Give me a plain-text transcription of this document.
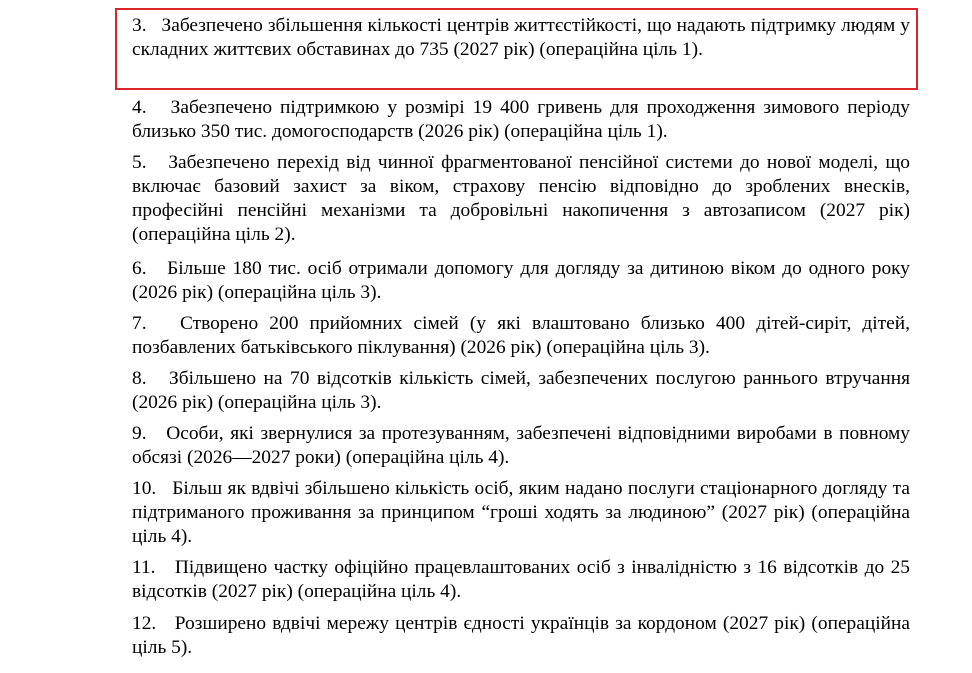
3. Забезпечено збільшення кількості центрів життєстійкості, що надають підтримку людям у складних життєвих обставинах до 735 (2027 рік) (операційна ціль 1).
4. Забезпечено підтримкою у розмірі 19 400 гривень для проходження зимового періоду близько 350 тис. домогосподарств (2026 рік) (операційна ціль 1).
5. Забезпечено перехід від чинної фрагментованої пенсійної системи до нової моделі, що включає базовий захист за віком, страхову пенсію відповідно до зроблених внесків, професійні пенсійні механізми та добровільні накопичення з автозаписом (2027 рік) (операційна ціль 2).
6. Більше 180 тис. осіб отримали допомогу для догляду за дитиною віком до одного року (2026 рік) (операційна ціль 3).
7. Створено 200 прийомних сімей (у які влаштовано близько 400 дітей-сиріт, дітей, позбавлених батьківського піклування) (2026 рік) (операційна ціль 3).
8. Збільшено на 70 відсотків кількість сімей, забезпечених послугою раннього втручання (2026 рік) (операційна ціль 3).
9. Особи, які звернулися за протезуванням, забезпечені відповідними виробами в повному обсязі (2026—2027 роки) (операційна ціль 4).
10. Більш як вдвічі збільшено кількість осіб, яким надано послуги стаціонарного догляду та підтриманого проживання за принципом “гроші ходять за людиною” (2027 рік) (операційна ціль 4).
11. Підвищено частку офіційно працевлаштованих осіб з інвалідністю з 16 відсотків до 25 відсотків (2027 рік) (операційна ціль 4).
12. Розширено вдвічі мережу центрів єдності українців за кордоном (2027 рік) (операційна ціль 5).
